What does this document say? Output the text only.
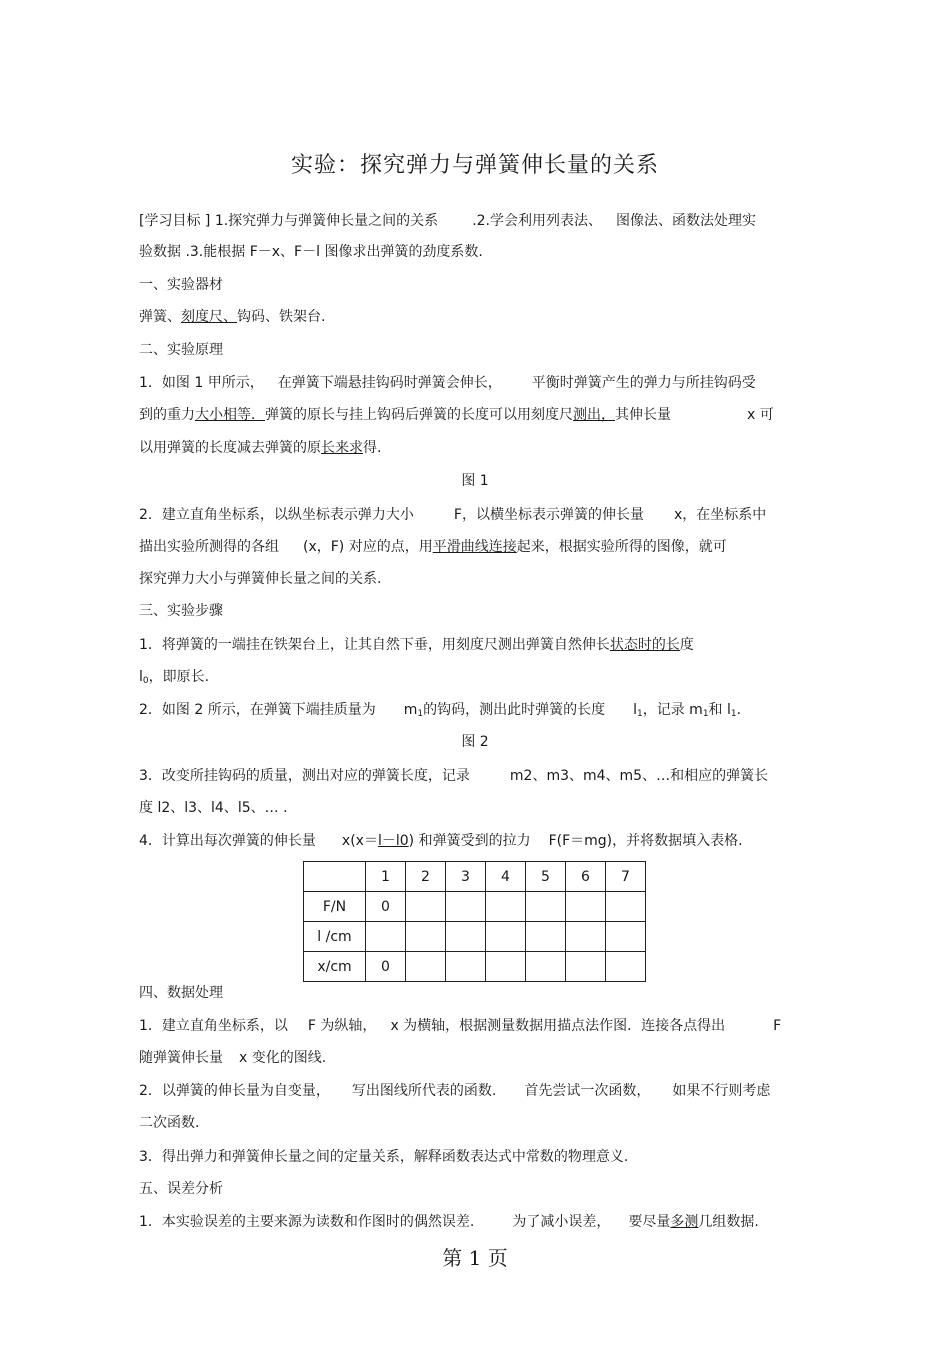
实验：探究弹力与弹簧伸长量的关系
[学习目标 ] 1.探究弹力与弹簧伸长量之间的关系 .2.学会利用列表法、 图像法、函数法处理实
验数据 .3.能根据 F－x、F－l 图像求出弹簧的劲度系数.
一、实验器材
弹簧、刻度尺、钩码、铁架台.
二、实验原理
1．如图 1 甲所示， 在弹簧下端悬挂钩码时弹簧会伸长， 平衡时弹簧产生的弹力与所挂钩码受
到的重力大小相等．弹簧的原长与挂上钩码后弹簧的长度可以用刻度尺测出，其伸长量	x 可
以用弹簧的长度减去弹簧的原长来求得.
图 1
2．建立直角坐标系，以纵坐标表示弹力大小	F，以横坐标表示弹簧的伸长量 x，在坐标系中
描出实验所测得的各组 (x，F) 对应的点，用平滑曲线连接起来，根据实验所得的图像，就可
探究弹力大小与弹簧伸长量之间的关系.
三、实验步骤
1．将弹簧的一端挂在铁架台上，让其自然下垂，用刻度尺测出弹簧自然伸长状态时的长度
$l_0$，即原长.
2．如图 2 所示，在弹簧下端挂质量为 $m_1$的钩码，测出此时弹簧的长度 $l_1$，记录 $m_1$和 $l_1$.
图 2
3．改变所挂钩码的质量，测出对应的弹簧长度，记录	m2、m3、m4、m5、…和相应的弹簧长
度 l2、l3、l4、l5、… .
4．计算出每次弹簧的伸长量 x(x＝l－l0) 和弹簧受到的拉力 F(F＝mg)，并将数据填入表格.
	1	2	3	4	5	6	7
F/N	0						
l /cm							
x/cm	0						
四、数据处理
1．建立直角坐标系，以 F 为纵轴， x 为横轴，根据测量数据用描点法作图．连接各点得出	F
随弹簧伸长量 x 变化的图线.
2．以弹簧的伸长量为自变量， 写出图线所代表的函数. 首先尝试一次函数， 如果不行则考虑
二次函数.
3．得出弹力和弹簧伸长量之间的定量关系，解释函数表达式中常数的物理意义.
五、误差分析
1．本实验误差的主要来源为读数和作图时的偶然误差.	为了减小误差， 要尽量多测几组数据.
第 1 页
